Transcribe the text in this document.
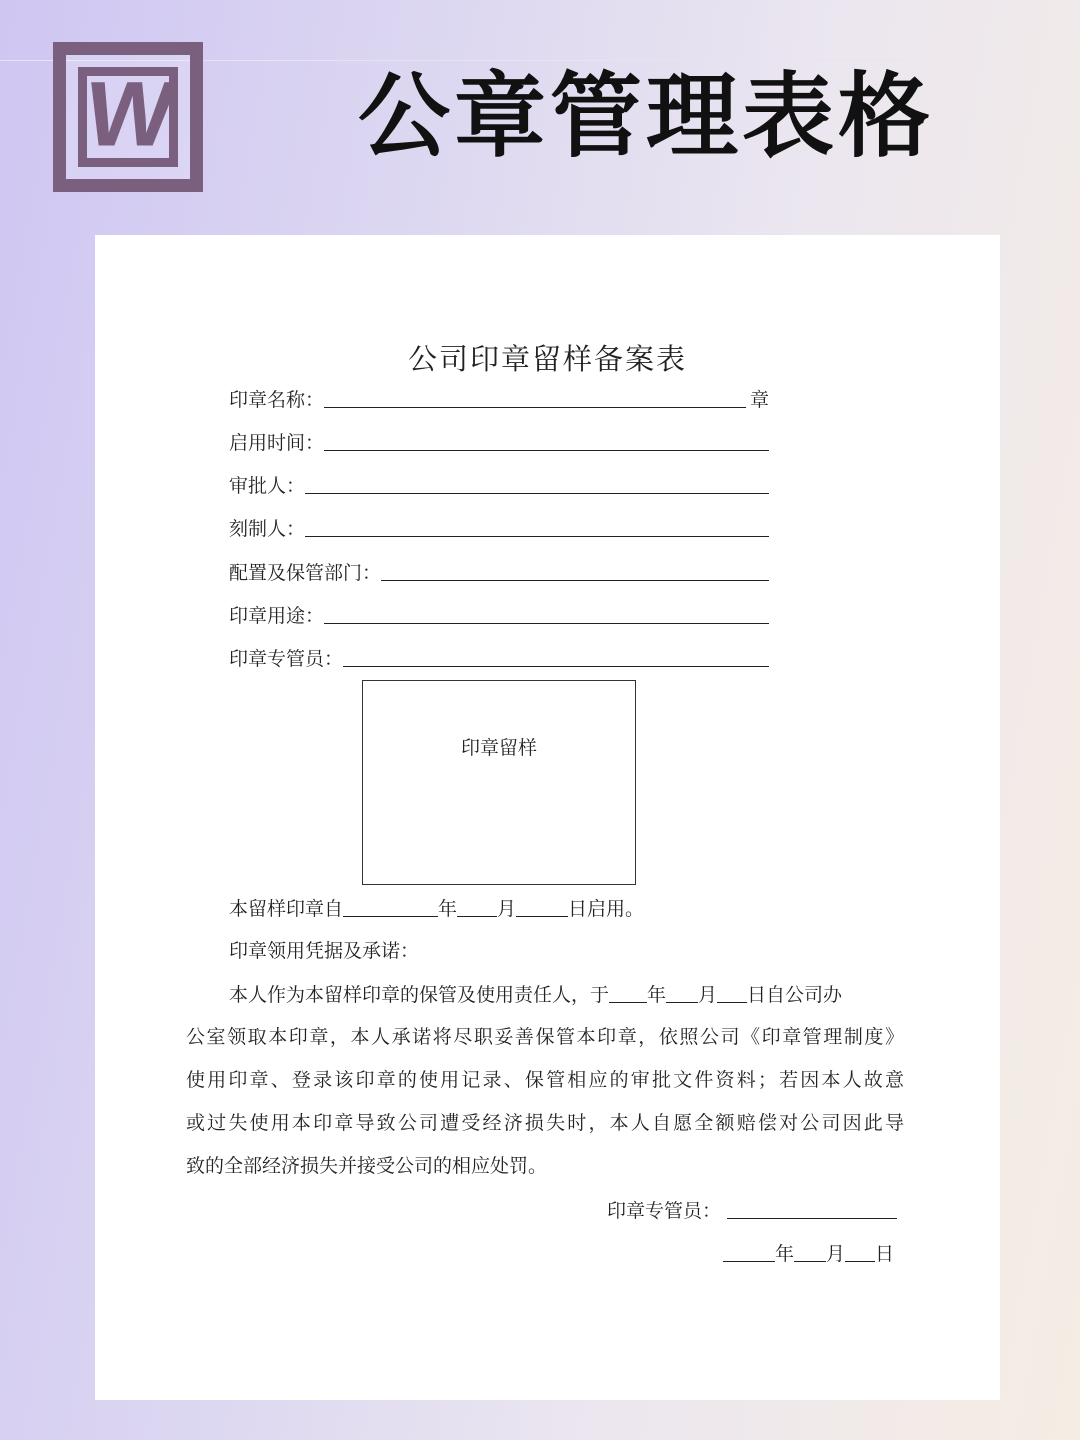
W 公章管理表格
公司印章留样备案表
印章名称：	章
启用时间：
审批人：
刻制人：
配置及保管部门：
印章用途：
印章专管员：
印章留样
本留样印章自	年 月	日启用。
印章领用凭据及承诺：
本人作为本留样印章的保管及使用责任人，于 年 月 日自公司办
公室领取本印章，本人承诺将尽职妥善保管本印章，依照公司《印章管理制度》
使用印章、登录该印章的使用记录、保管相应的审批文件资料；若因本人故意
或过失使用本印章导致公司遭受经济损失时，本人自愿全额赔偿对公司因此导
致的全部经济损失并接受公司的相应处罚。
印章专管员：
年 月 日
